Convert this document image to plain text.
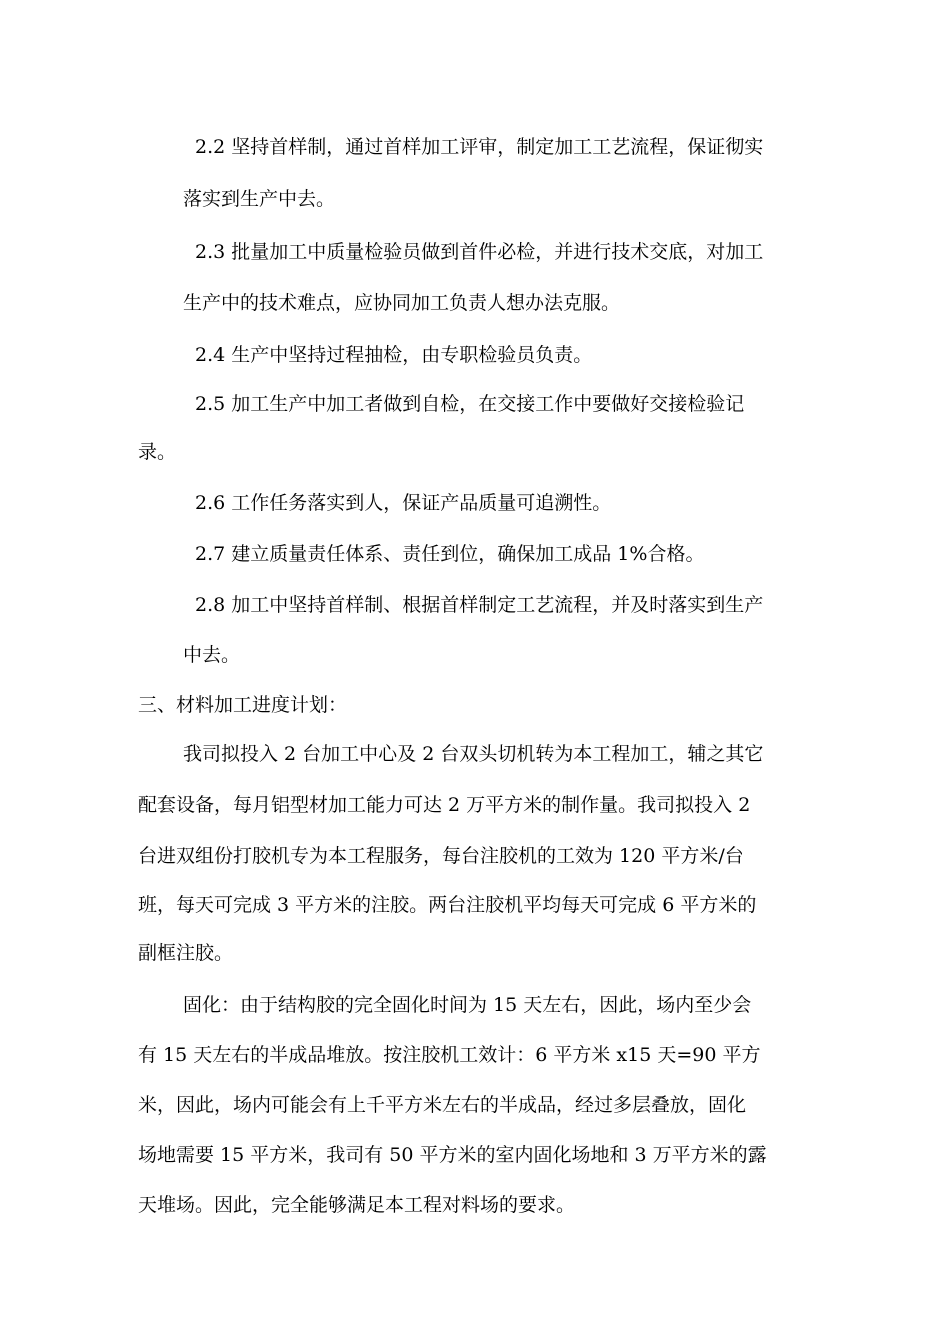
2.2 坚持首样制，通过首样加工评审，制定加工工艺流程，保证彻实
落实到生产中去。
2.3 批量加工中质量检验员做到首件必检，并进行技术交底，对加工
生产中的技术难点，应协同加工负责人想办法克服。
2.4 生产中坚持过程抽检，由专职检验员负责。
2.5 加工生产中加工者做到自检，在交接工作中要做好交接检验记
录。
2.6 工作任务落实到人，保证产品质量可追溯性。
2.7 建立质量责任体系、责任到位，确保加工成品 1%合格。
2.8 加工中坚持首样制、根据首样制定工艺流程，并及时落实到生产
中去。
三、材料加工进度计划：
我司拟投入 2 台加工中心及 2 台双头切机转为本工程加工，辅之其它
配套设备，每月铝型材加工能力可达 2 万平方米的制作量。我司拟投入 2
台进双组份打胶机专为本工程服务，每台注胶机的工效为 120 平方米/台
班，每天可完成 3 平方米的注胶。两台注胶机平均每天可完成 6 平方米的
副框注胶。
固化：由于结构胶的完全固化时间为 15 天左右，因此，场内至少会
有 15 天左右的半成品堆放。按注胶机工效计：6 平方米 x15 天=90 平方
米，因此，场内可能会有上千平方米左右的半成品，经过多层叠放，固化
场地需要 15 平方米，我司有 50 平方米的室内固化场地和 3 万平方米的露
天堆场。因此，完全能够满足本工程对料场的要求。
